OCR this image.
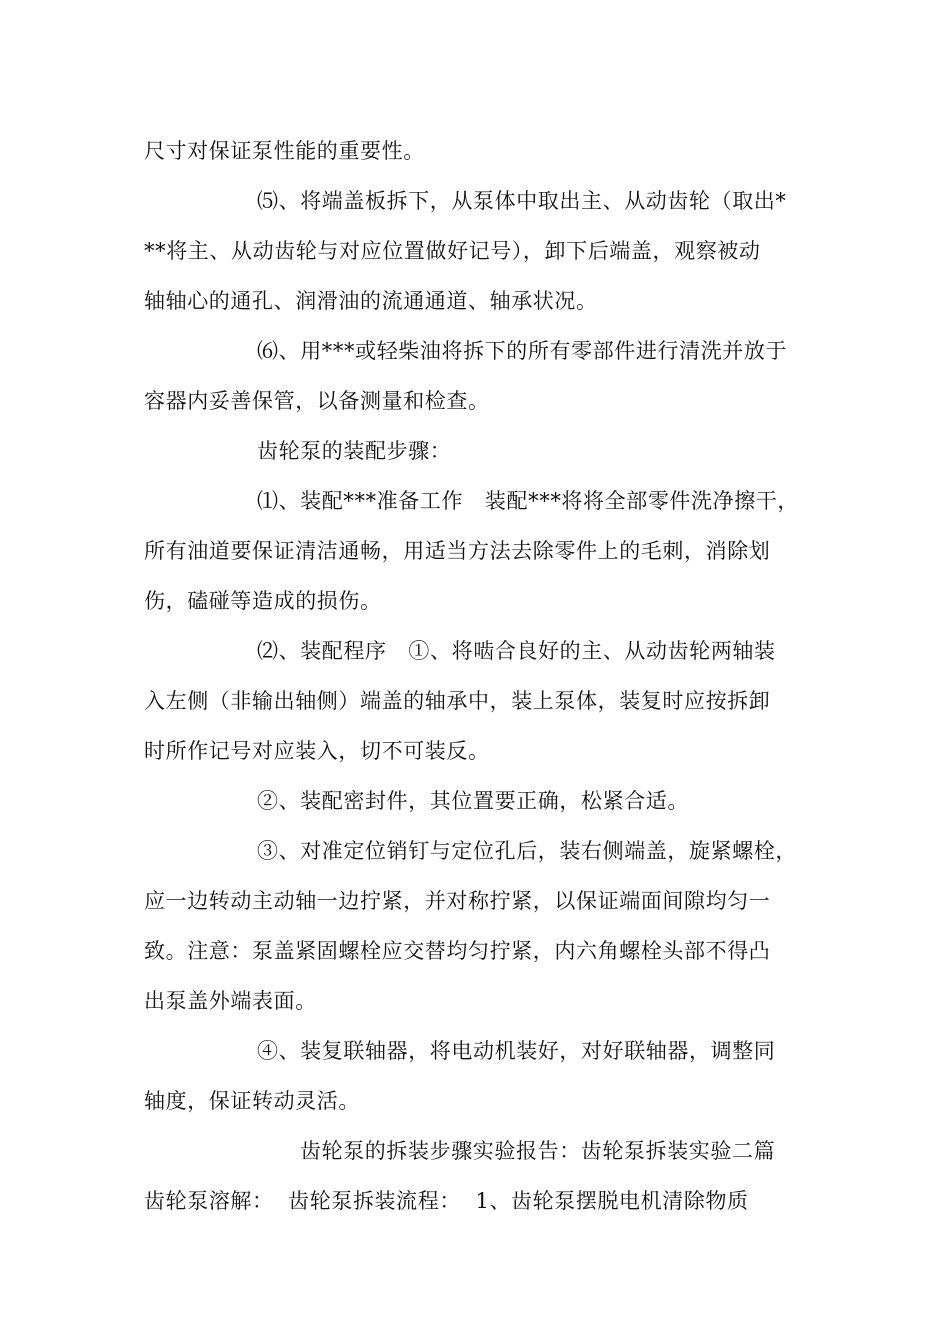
尺寸对保证泵性能的重要性。
⑸、将端盖板拆下，从泵体中取出主、从动齿轮（取出*
**将主、从动齿轮与对应位置做好记号），卸下后端盖，观察被动
轴轴心的通孔、润滑油的流通通道、轴承状况。
⑹、用***或轻柴油将拆下的所有零部件进行清洗并放于
容器内妥善保管，以备测量和检查。
齿轮泵的装配步骤：
⑴、装配***准备工作   装配***将将全部零件洗净擦干，
所有油道要保证清洁通畅，用适当方法去除零件上的毛刺，消除划
伤，磕碰等造成的损伤。
⑵、装配程序   ①、将啮合良好的主、从动齿轮两轴装
入左侧（非输出轴侧）端盖的轴承中，装上泵体，装复时应按拆卸
时所作记号对应装入，切不可装反。
②、装配密封件，其位置要正确，松紧合适。
③、对准定位销钉与定位孔后，装右侧端盖，旋紧螺栓，
应一边转动主动轴一边拧紧，并对称拧紧，以保证端面间隙均匀一
致。注意：泵盖紧固螺栓应交替均匀拧紧，内六角螺栓头部不得凸
出泵盖外端表面。
④、装复联轴器，将电动机装好，对好联轴器，调整同
轴度，保证转动灵活。
齿轮泵的拆装步骤实验报告：齿轮泵拆装实验二篇
齿轮泵溶解：  齿轮泵拆装流程：  1、齿轮泵摆脱电机清除物质
